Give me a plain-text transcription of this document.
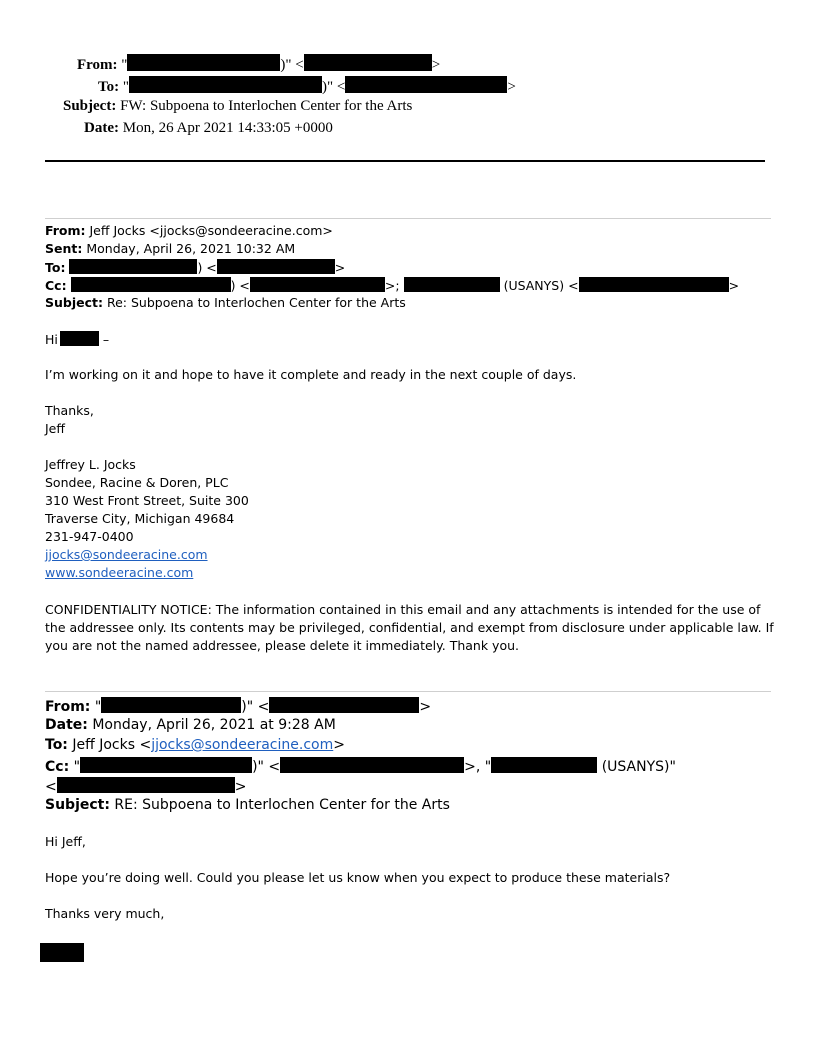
From: "	)" <	>
To: "	)" <	>
Subject: FW: Subpoena to Interlochen Center for the Arts
Date: Mon, 26 Apr 2021 14:33:05 +0000
From: Jeff Jocks <jjocks@sondeeracine.com>
Sent: Monday, April 26, 2021 10:32 AM
To:	) <	>
Cc:	) <	>;	(USANYS) <	>
Subject: Re: Subpoena to Interlochen Center for the Arts
Hi	–
I’m working on it and hope to have it complete and ready in the next couple of days.
Thanks,
Jeff
Jeffrey L. Jocks
Sondee, Racine & Doren, PLC
310 West Front Street, Suite 300
Traverse City, Michigan 49684
231-947-0400
jjocks@sondeeracine.com
www.sondeeracine.com
CONFIDENTIALITY NOTICE: The information contained in this email and any attachments is intended for the use of the addressee only. Its contents may be privileged, confidential, and exempt from disclosure under applicable law. If you are not the named addressee, please delete it immediately. Thank you.
From: "	)" <	>
Date: Monday, April 26, 2021 at 9:28 AM
To: Jeff Jocks <jjocks@sondeeracine.com>
Cc: "	)" <	>, "	(USANYS)"
<	>
Subject: RE: Subpoena to Interlochen Center for the Arts
Hi Jeff,
Hope you’re doing well. Could you please let us know when you expect to produce these materials?
Thanks very much,
